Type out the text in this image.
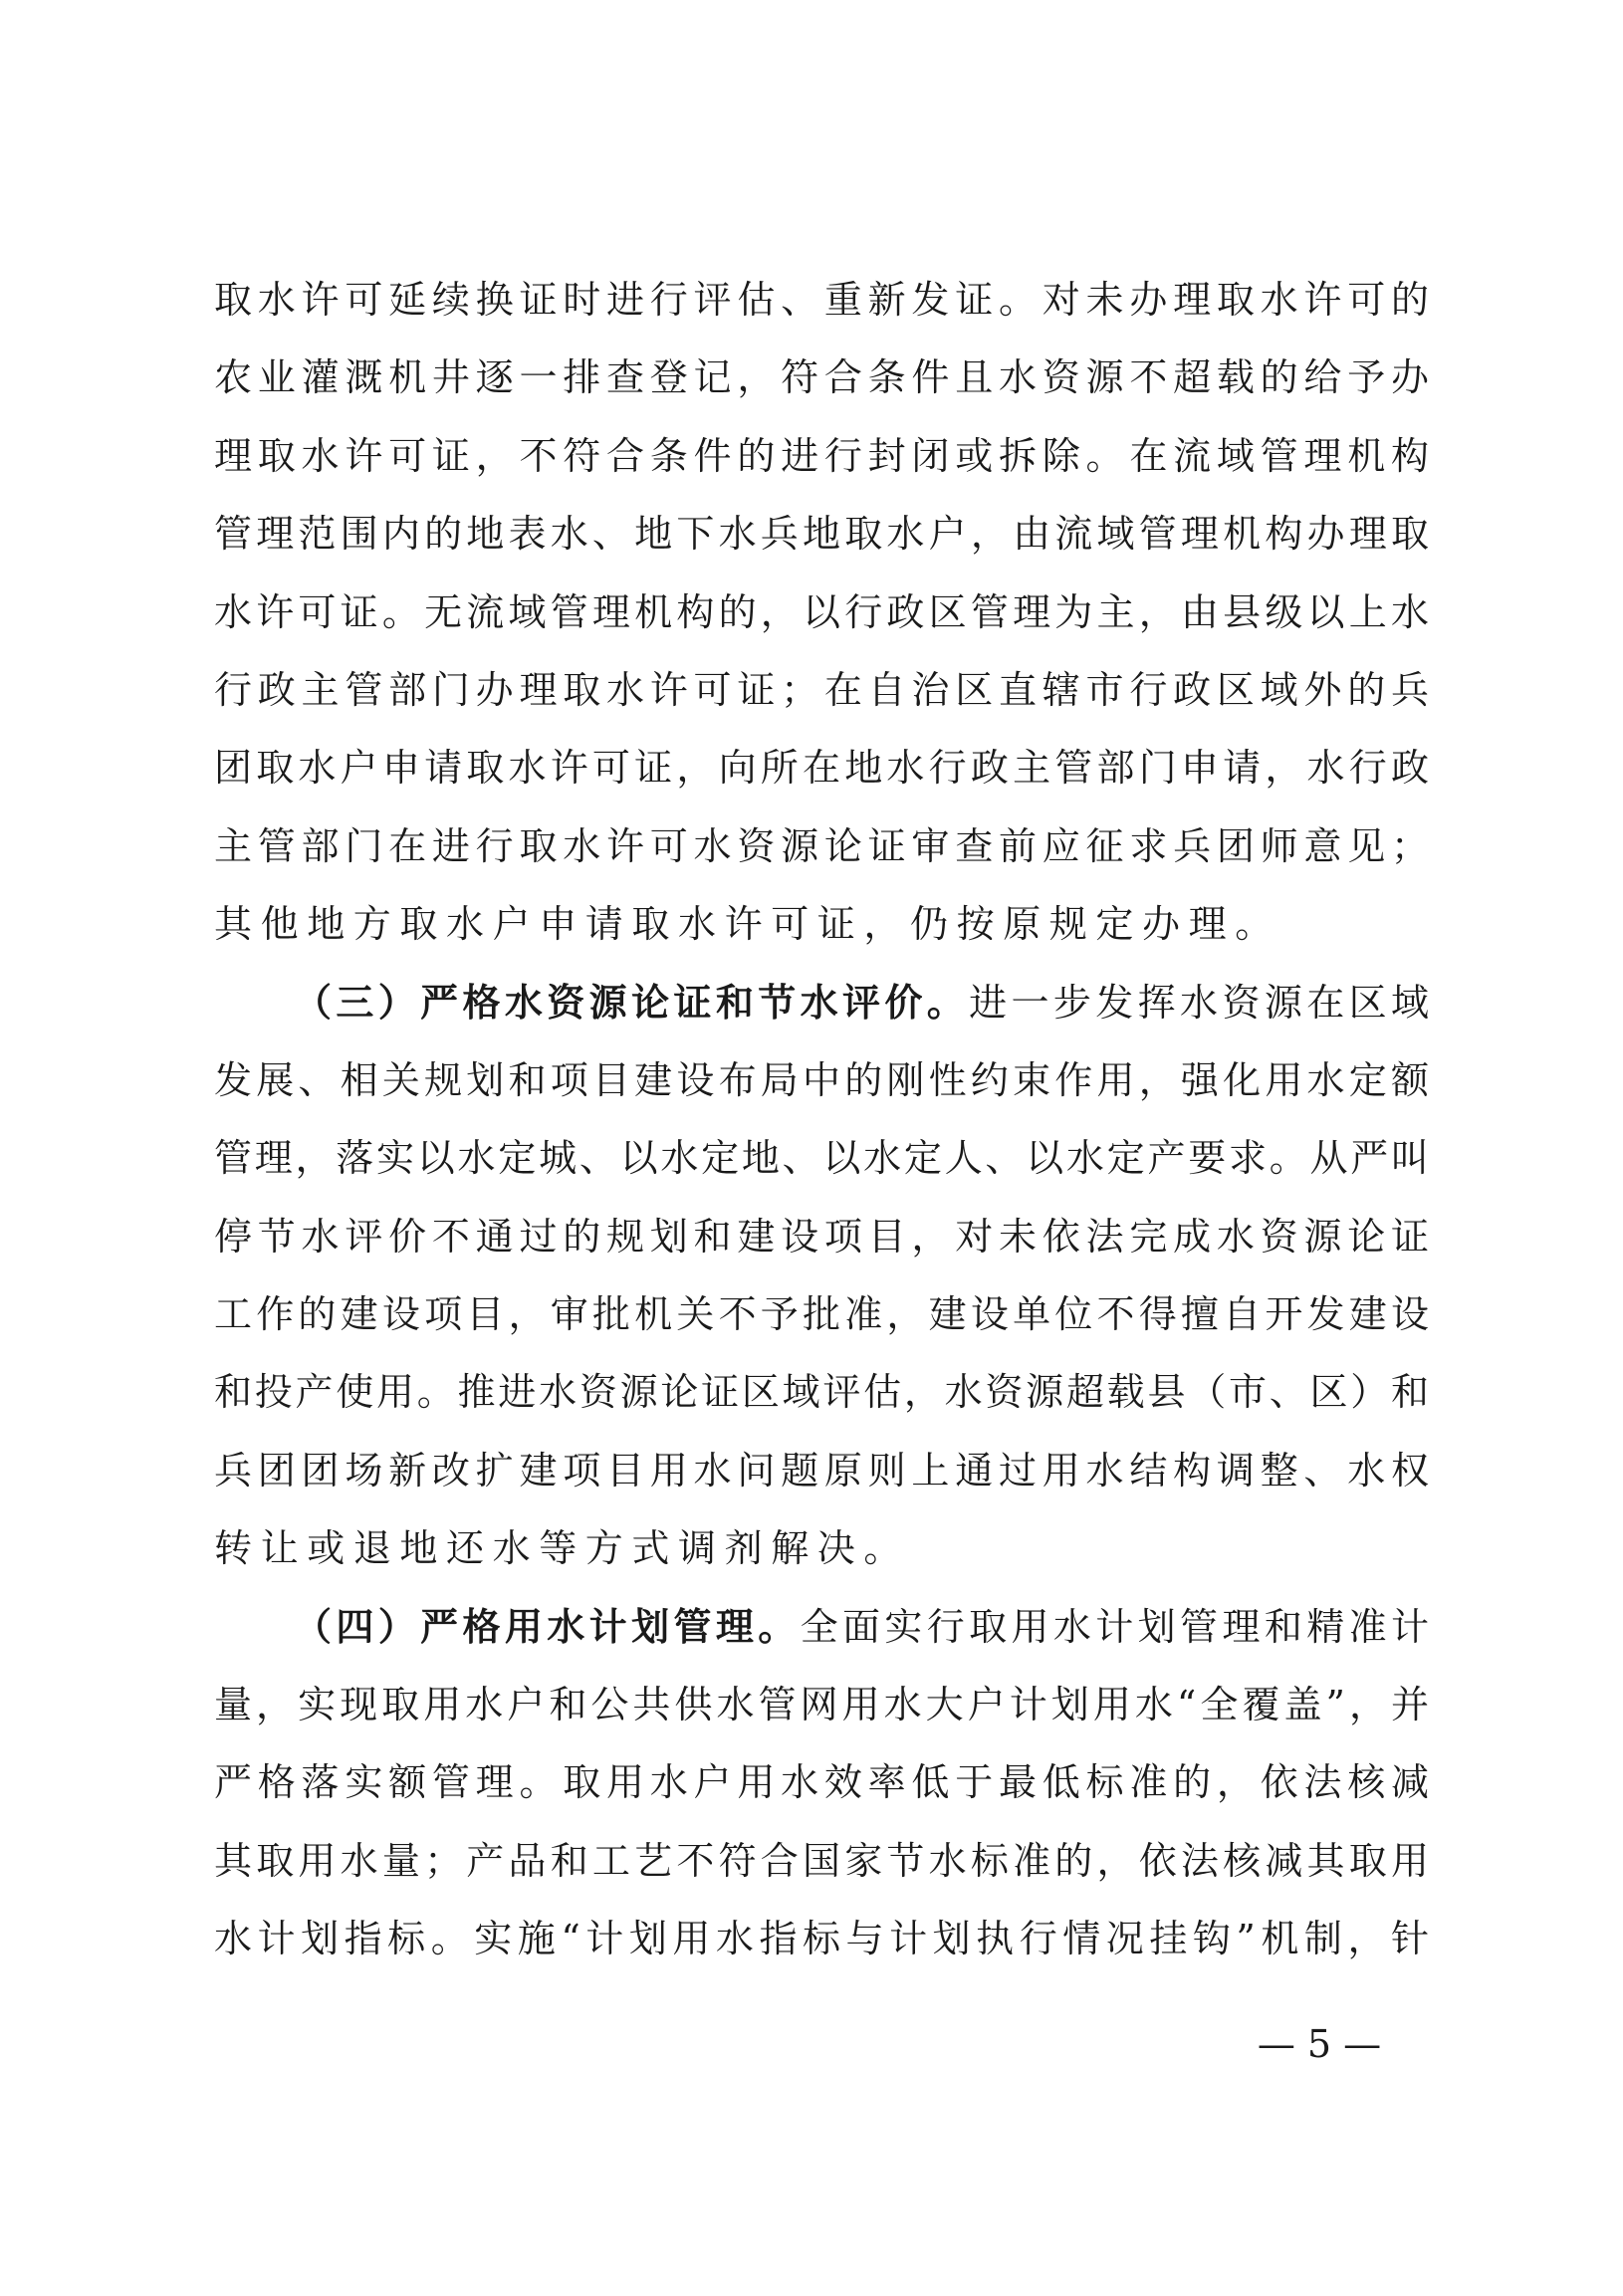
取水许可延续换证时进行评估、重新发证。对未办理取水许可的
农业灌溉机井逐一排查登记，符合条件且水资源不超载的给予办
理取水许可证，不符合条件的进行封闭或拆除。在流域管理机构
管理范围内的地表水、地下水兵地取水户，由流域管理机构办理取
水许可证。无流域管理机构的，以行政区管理为主，由县级以上水
行政主管部门办理取水许可证；在自治区直辖市行政区域外的兵
团取水户申请取水许可证，向所在地水行政主管部门申请，水行政
主管部门在进行取水许可水资源论证审查前应征求兵团师意见；
其他地方取水户申请取水许可证，仍按原规定办理。
（三）严格水资源论证和节水评价。进一步发挥水资源在区域
发展、相关规划和项目建设布局中的刚性约束作用，强化用水定额
管理，落实以水定城、以水定地、以水定人、以水定产要求。从严叫
停节水评价不通过的规划和建设项目，对未依法完成水资源论证
工作的建设项目，审批机关不予批准，建设单位不得擅自开发建设
和投产使用。推进水资源论证区域评估，水资源超载县（市、区）和
兵团团场新改扩建项目用水问题原则上通过用水结构调整、水权
转让或退地还水等方式调剂解决。
（四）严格用水计划管理。全面实行取用水计划管理和精准计
量，实现取用水户和公共供水管网用水大户计划用水“全覆盖”，并
严格落实额管理。取用水户用水效率低于最低标准的，依法核减
其取用水量；产品和工艺不符合国家节水标准的，依法核减其取用
水计划指标。实施“计划用水指标与计划执行情况挂钩”机制，针
— 5 —
